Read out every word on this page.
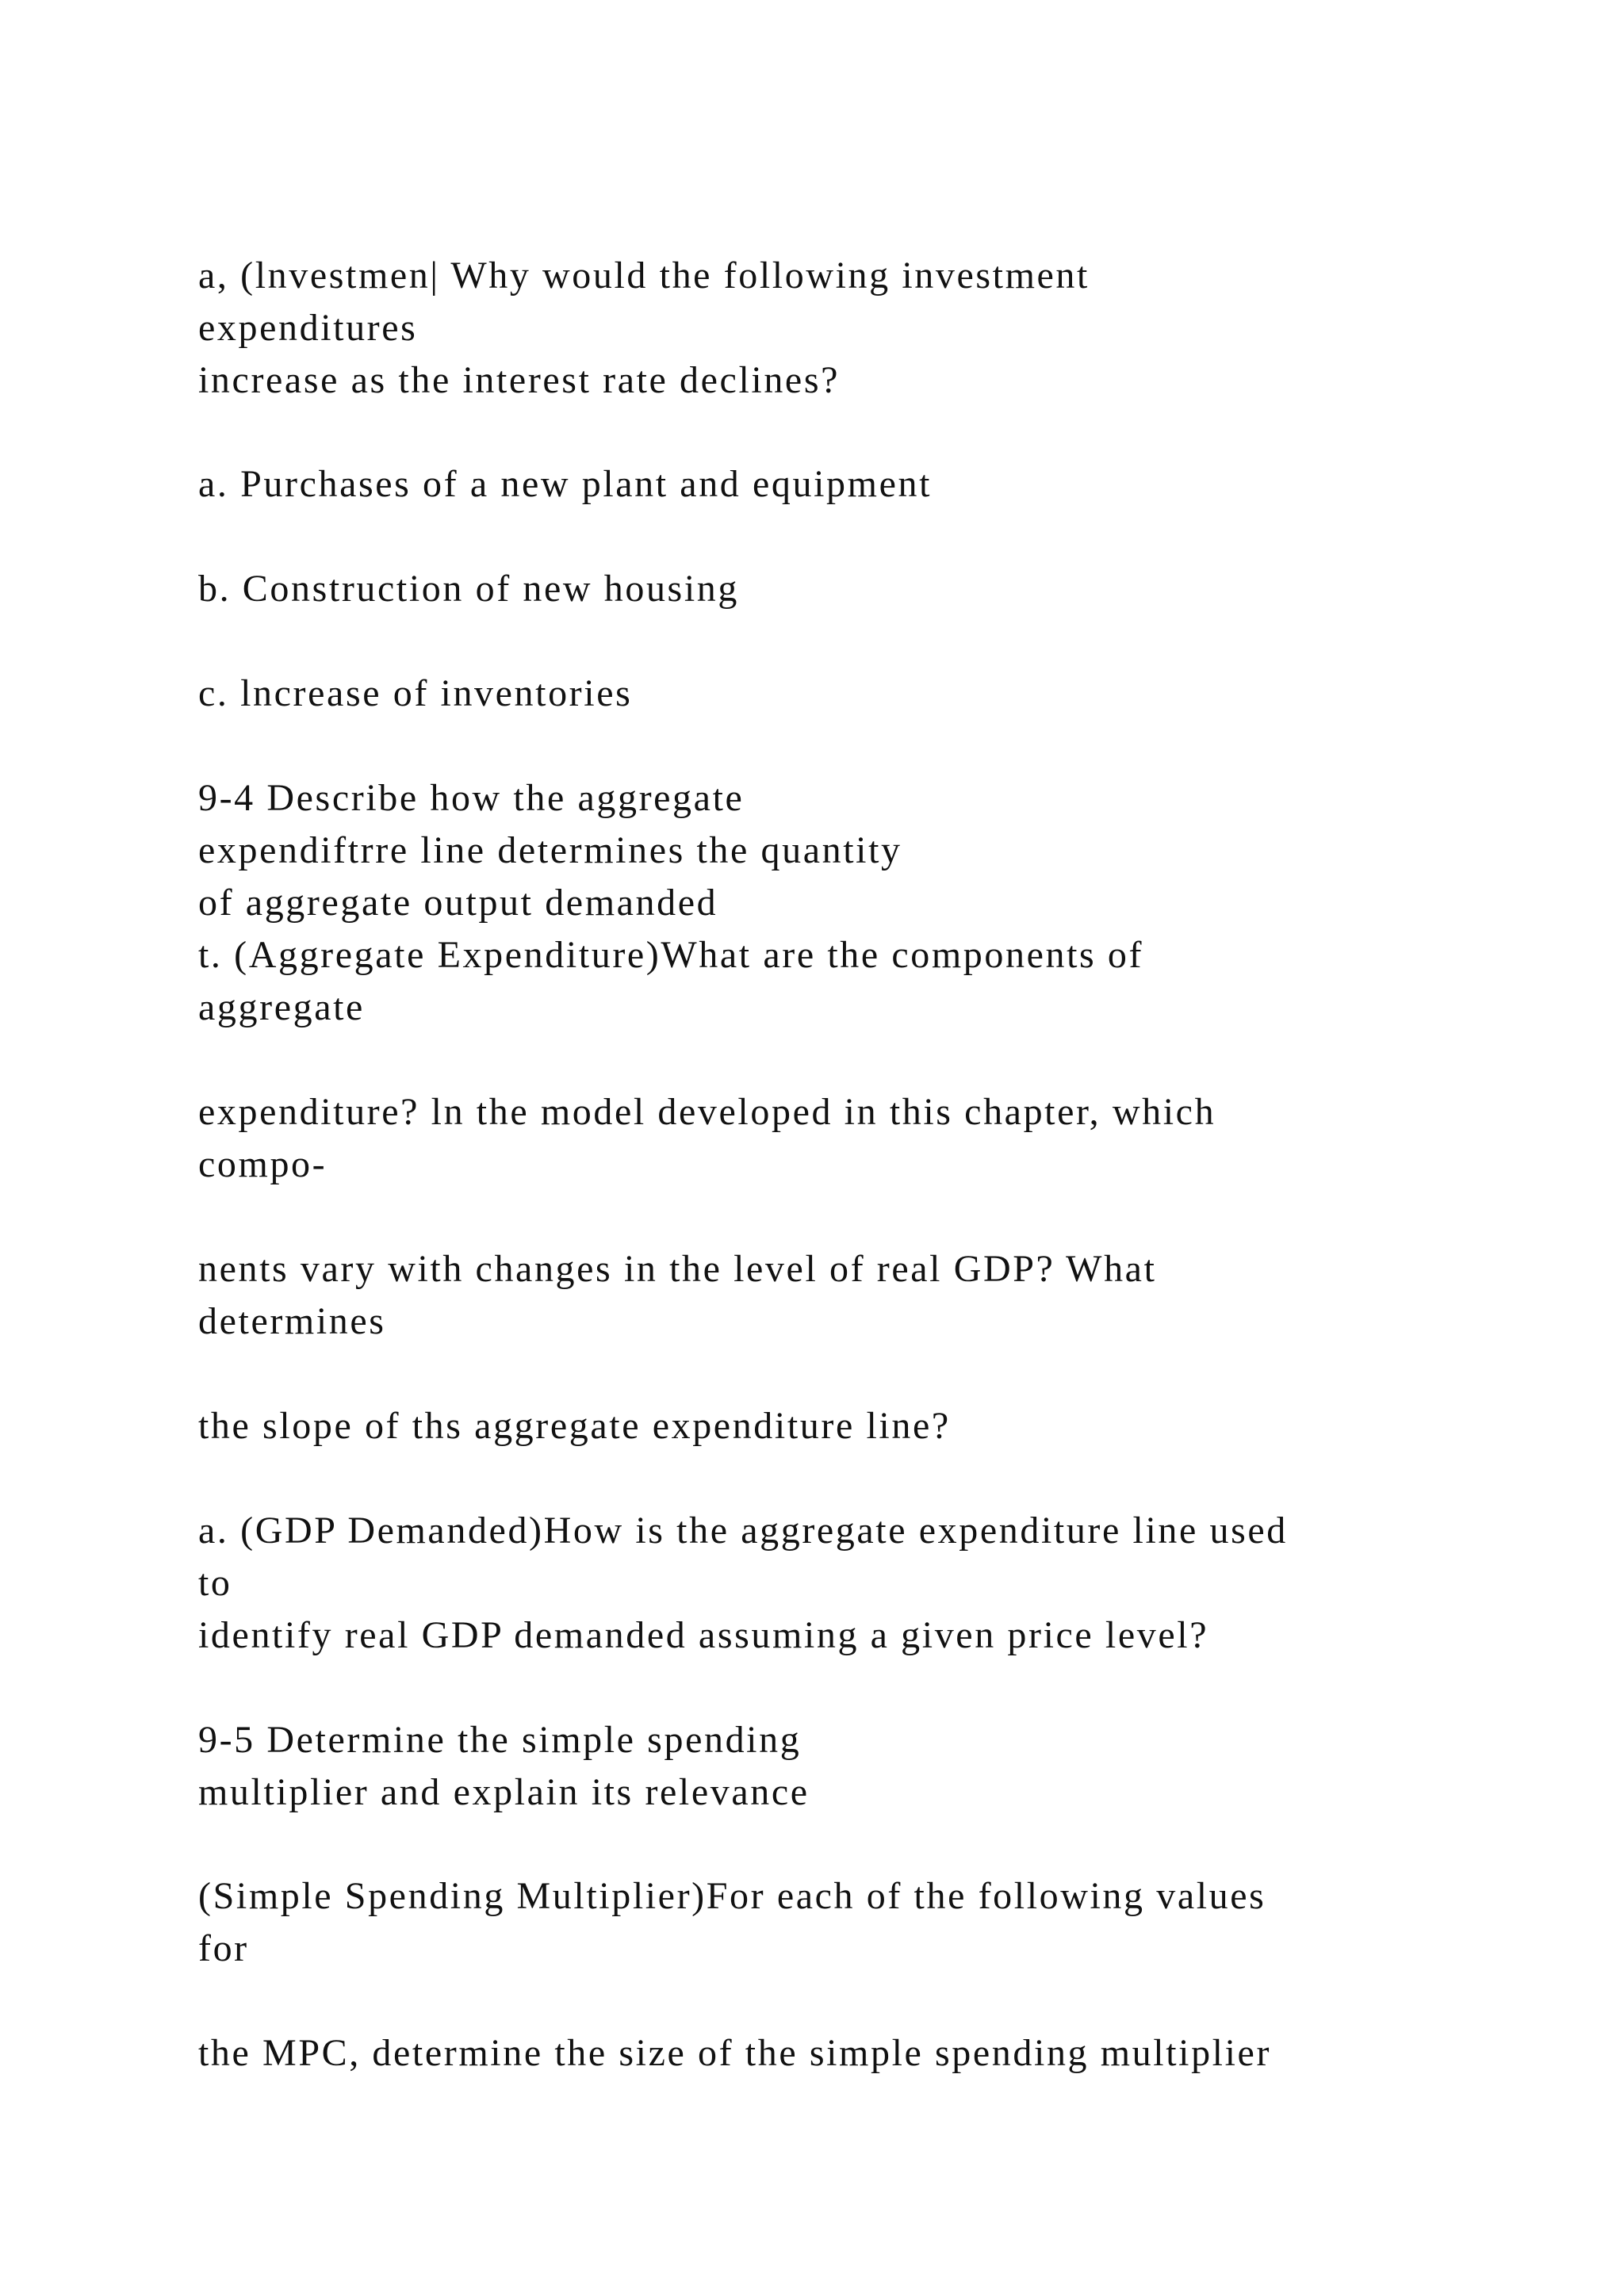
a, (lnvestmen| Why would the following investment

expenditures

increase as the interest rate declines?

a. Purchases of a new plant and equipment

b. Construction of new housing

c. lncrease of inventories

9-4 Describe how the aggregate

expendiftrre line determines the quantity

of aggregate output demanded

t. (Aggregate Expenditure)What are the components of

aggregate

expenditure? ln the model developed in this chapter, which

compo-

nents vary with changes in the level of real GDP? What

determines

the slope of ths aggregate expenditure line?

a. (GDP Demanded)How is the aggregate expenditure line used

to

identify real GDP demanded assuming a given price level?

9-5 Determine the simple spending

multiplier and explain its relevance

(Simple Spending Multiplier)For each of the following values

for

the MPC, determine the size of the simple spending multiplier
